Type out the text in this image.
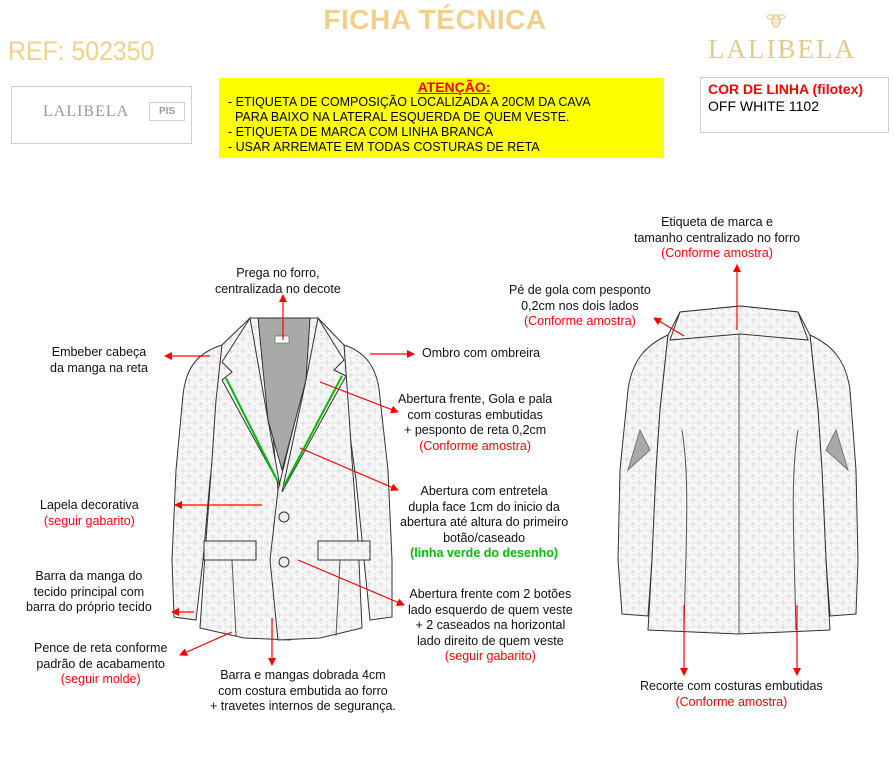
FICHA TÉCNICA
REF: 502350	LALIBELA
LALIBELA	PIS
ATENÇÃO:
- ETIQUETA DE COMPOSIÇÃO LOCALIZADA A 20CM DA CAVA
PARA BAIXO NA LATERAL ESQUERDA DE QUEM VESTE.
- ETIQUETA DE MARCA COM LINHA BRANCA
- USAR ARREMATE EM TODAS COSTURAS DE RETA
COR DE LINHA (filotex)
OFF WHITE 1102
Prega no forro,
centralizada no decote
Embeber cabeça
da manga na reta
Ombro com ombreira
Abertura frente, Gola e pala
com costuras embutidas
+ pesponto de reta 0,2cm
(Conforme amostra)
Abertura com entretela
dupla face 1cm do inicio da
abertura até altura do primeiro
botão/caseado
(linha verde do desenho)
Lapela decorativa
(seguir gabarito)
Barra da manga do
tecido principal com
barra do próprio tecido
Pence de reta conforme
padrão de acabamento
(seguir molde)
Abertura frente com 2 botões
lado esquerdo de quem veste
+ 2 caseados na horizontal
lado direito de quem veste
(seguir gabarito)
Barra e mangas dobrada 4cm
com costura embutida ao forro
+ travetes internos de segurança.
Etiqueta de marca e
tamanho centralizado no forro
(Conforme amostra)
Pé de gola com pesponto
0,2cm nos dois lados
(Conforme amostra)
Recorte com costuras embutidas
(Conforme amostra)
